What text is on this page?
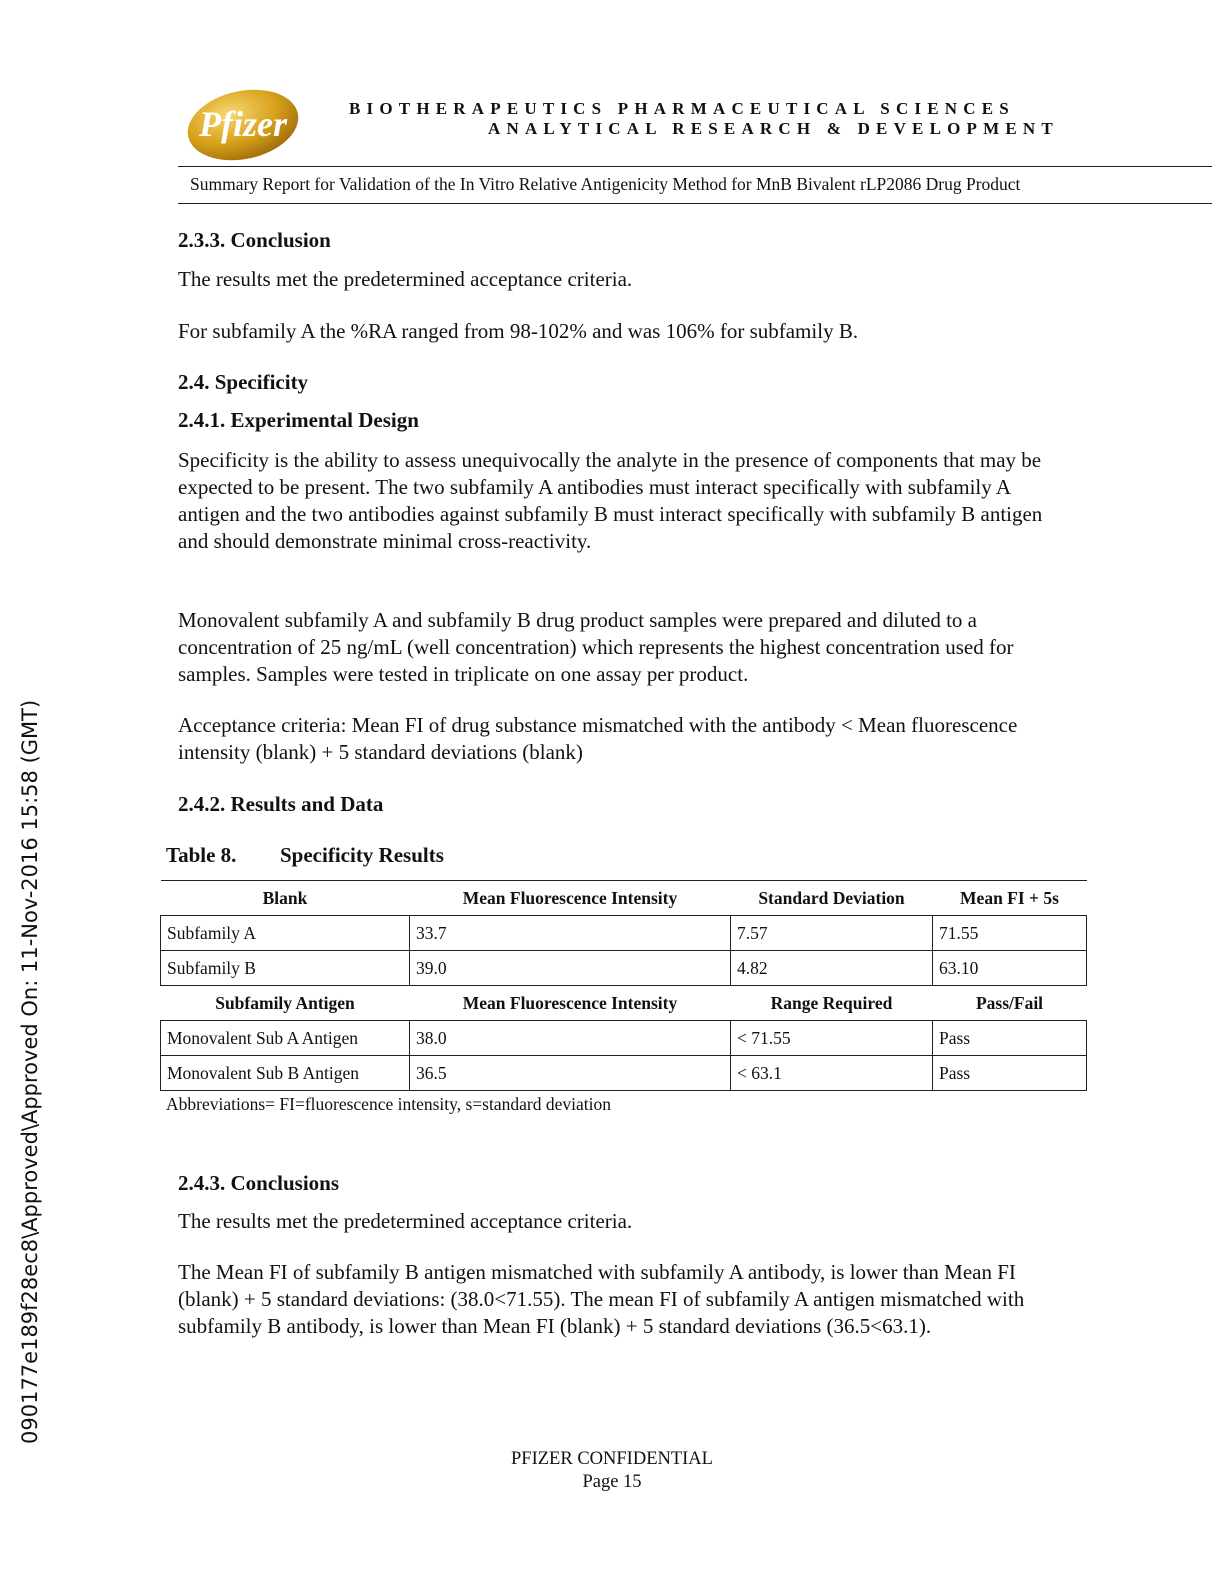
Pfizer	BIOTHERAPEUTICS PHARMACEUTICAL SCIENCES
ANALYTICAL RESEARCH & DEVELOPMENT
Summary Report for Validation of the In Vitro Relative Antigenicity Method for MnB Bivalent rLP2086 Drug Product
090177e189f28ec8\Approved\Approved On: 11-Nov-2016 15:58 (GMT)
2.3.3. Conclusion
The results met the predetermined acceptance criteria.
For subfamily A the %RA ranged from 98-102% and was 106% for subfamily B.
2.4. Specificity
2.4.1. Experimental Design
Specificity is the ability to assess unequivocally the analyte in the presence of components that may be expected to be present. The two subfamily A antibodies must interact specifically with subfamily A antigen and the two antibodies against subfamily B must interact specifically with subfamily B antigen and should demonstrate minimal cross-reactivity.
Monovalent subfamily A and subfamily B drug product samples were prepared and diluted to a concentration of 25 ng/mL (well concentration) which represents the highest concentration used for samples. Samples were tested in triplicate on one assay per product.
Acceptance criteria: Mean FI of drug substance mismatched with the antibody < Mean fluorescence intensity (blank) + 5 standard deviations (blank)
2.4.2. Results and Data
Table 8. Specificity Results
Blank	Mean Fluorescence Intensity	Standard Deviation	Mean FI + 5s
Subfamily A	33.7	7.57	71.55
Subfamily B	39.0	4.82	63.10
Subfamily Antigen	Mean Fluorescence Intensity	Range Required	Pass/Fail
Monovalent Sub A Antigen	38.0	< 71.55	Pass
Monovalent Sub B Antigen	36.5	< 63.1	Pass
Abbreviations= FI=fluorescence intensity, s=standard deviation
2.4.3. Conclusions
The results met the predetermined acceptance criteria.
The Mean FI of subfamily B antigen mismatched with subfamily A antibody, is lower than Mean FI (blank) + 5 standard deviations: (38.0<71.55). The mean FI of subfamily A antigen mismatched with subfamily B antibody, is lower than Mean FI (blank) + 5 standard deviations (36.5<63.1).
PFIZER CONFIDENTIAL
Page 15
